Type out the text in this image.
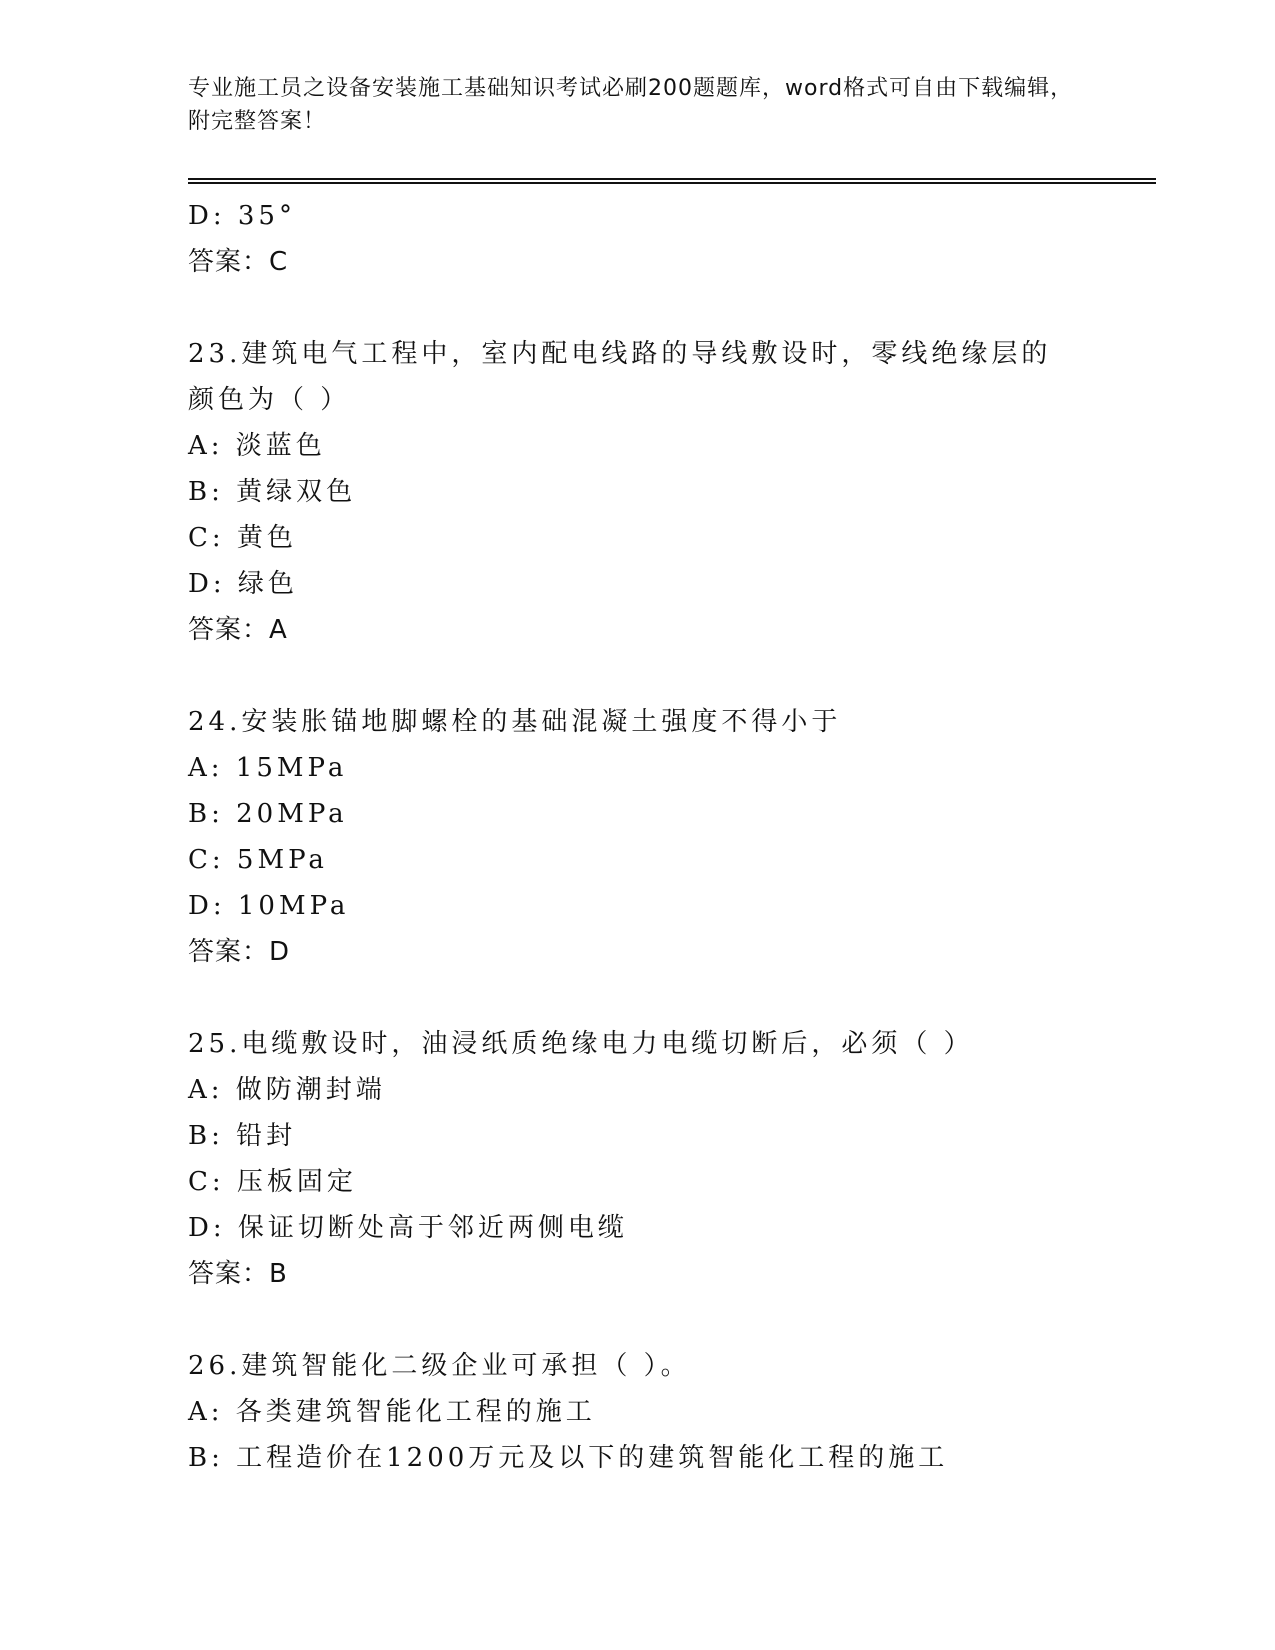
专业施工员之设备安装施工基础知识考试必刷200题题库，word格式可自由下载编辑，附完整答案！
D: 35°
答案：C
23.建筑电气工程中，室内配电线路的导线敷设时，零线绝缘层的颜色为（ ）
A: 淡蓝色
B: 黄绿双色
C: 黄色
D: 绿色
答案：A
24.安装胀锚地脚螺栓的基础混凝土强度不得小于
A: 15MPa
B: 20MPa
C: 5MPa
D: 10MPa
答案：D
25.电缆敷设时，油浸纸质绝缘电力电缆切断后，必须（ ）
A: 做防潮封端
B: 铅封
C: 压板固定
D: 保证切断处高于邻近两侧电缆
答案：B
26.建筑智能化二级企业可承担（ ）。
A: 各类建筑智能化工程的施工
B: 工程造价在1200万元及以下的建筑智能化工程的施工
